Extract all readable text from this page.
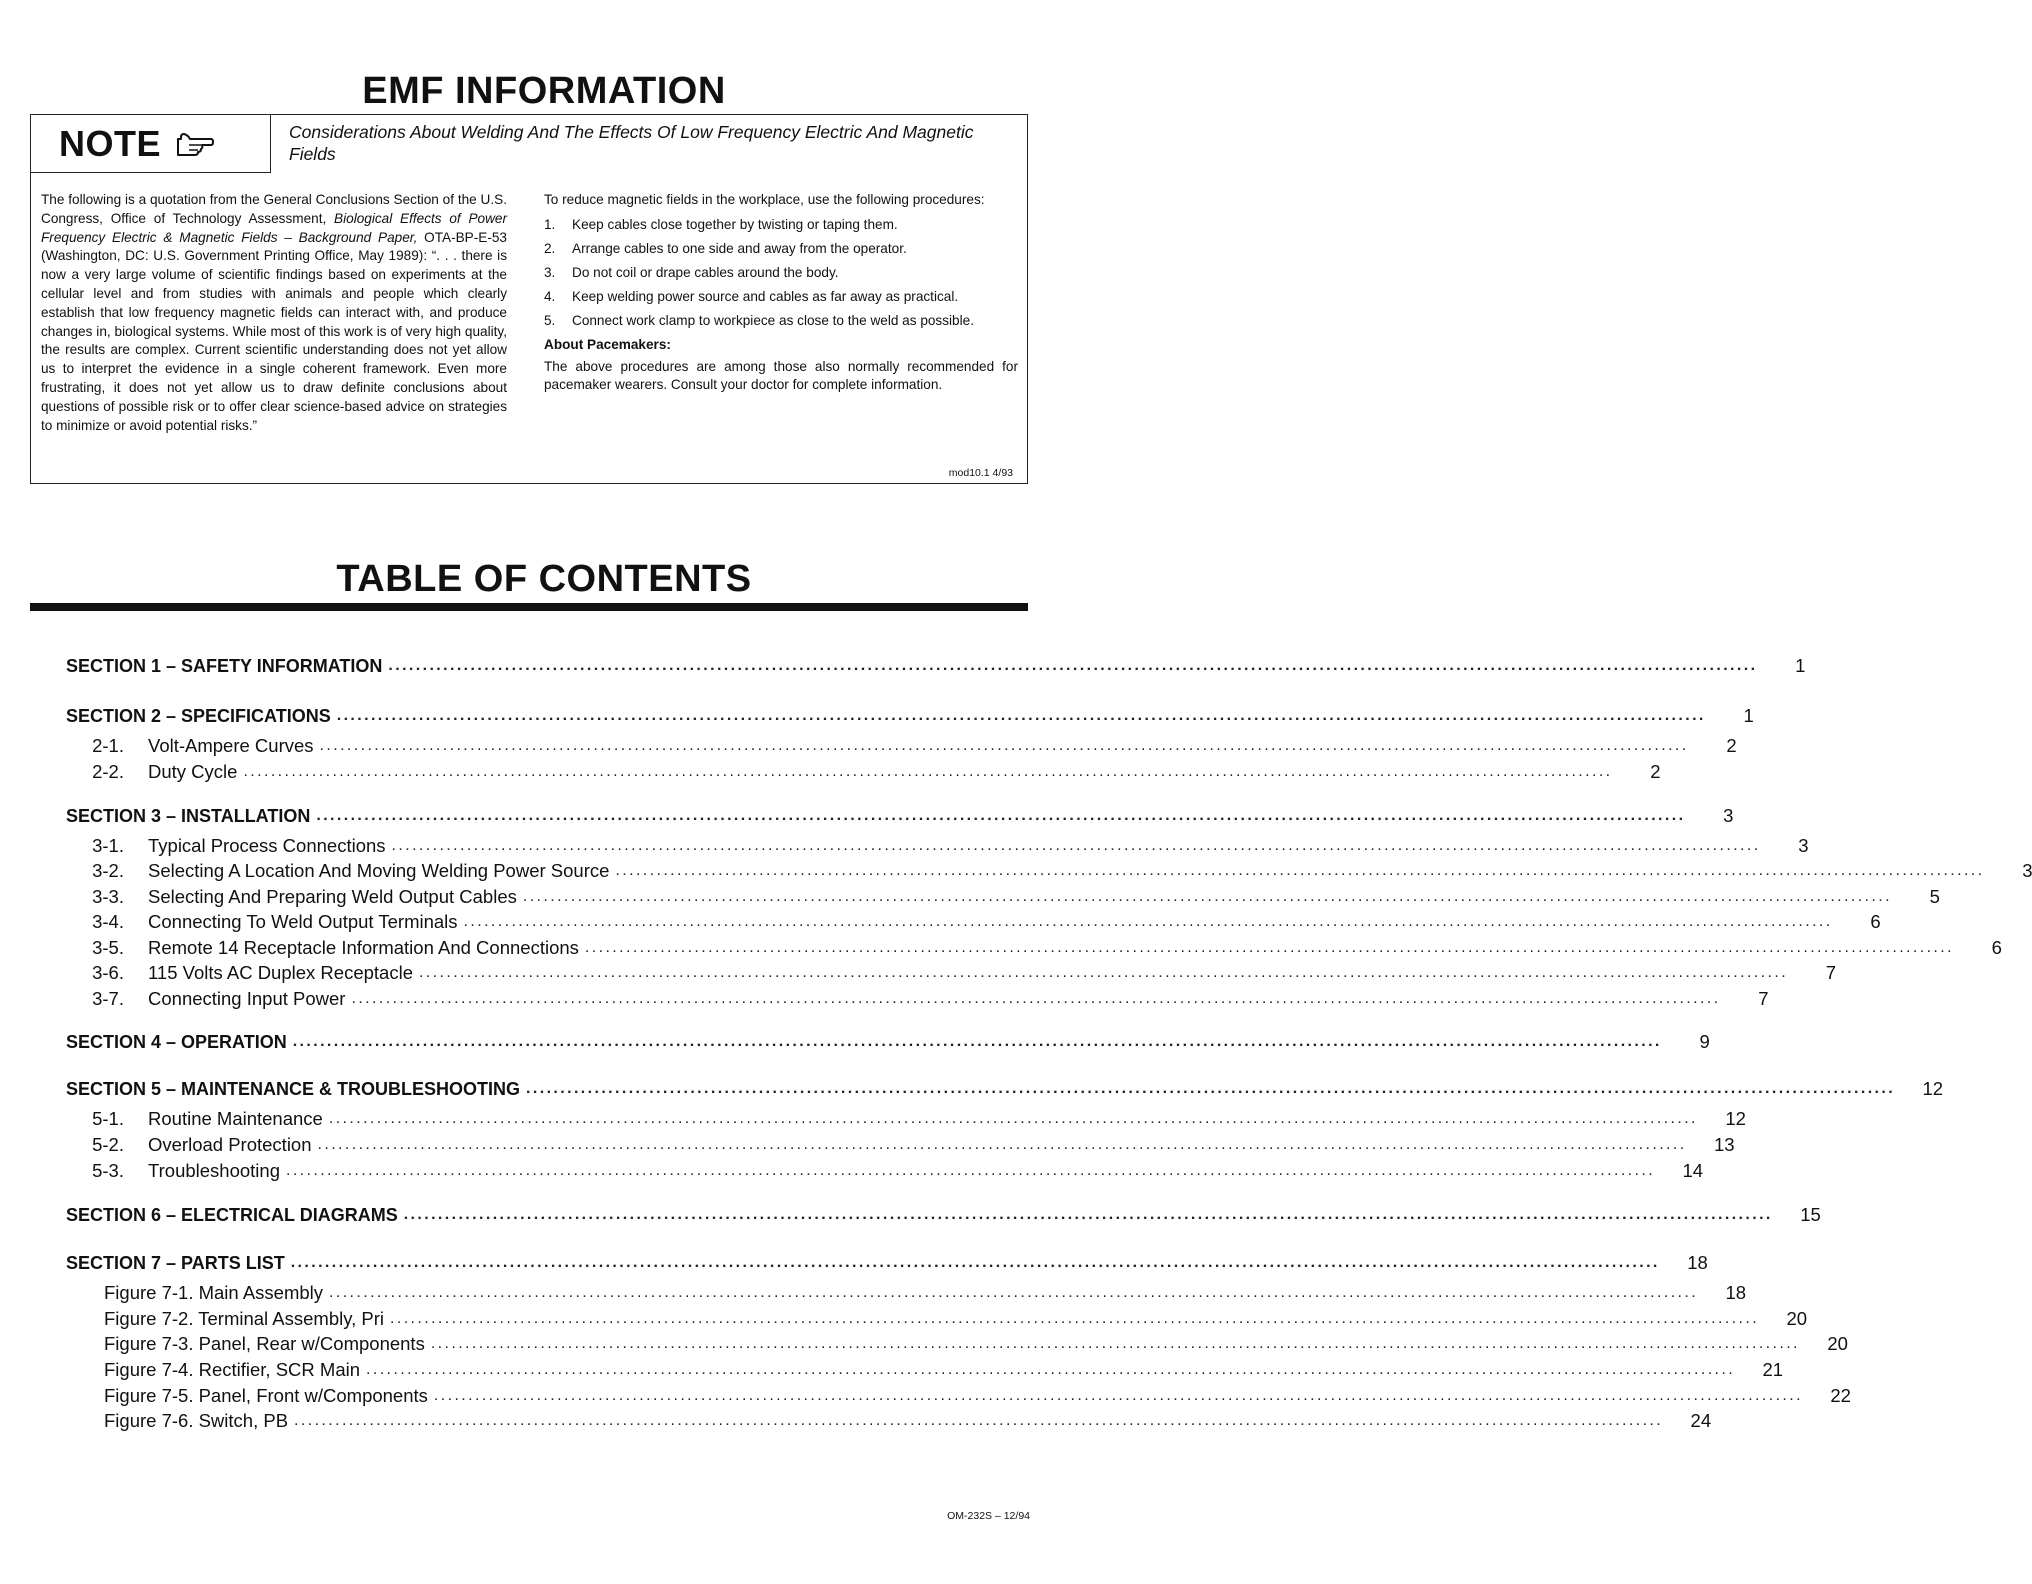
EMF INFORMATION
NOTE	Considerations About Welding And The Effects Of Low Frequency Electric And Magnetic Fields
The following is a quotation from the General Conclusions Section of the U.S. Congress, Office of Technology Assessment, Biological Effects of Power Frequency Electric & Magnetic Fields – Background Paper, OTA-BP-E-53 (Washington, DC: U.S. Government Printing Office, May 1989): “. . . there is now a very large volume of scientific findings based on experiments at the cellular level and from studies with animals and people which clearly establish that low frequency magnetic fields can interact with, and produce changes in, biological systems. While most of this work is of very high quality, the results are complex. Current scientific understanding does not yet allow us to interpret the evidence in a single coherent framework. Even more frustrating, it does not yet allow us to draw definite conclusions about questions of possible risk or to offer clear science-based advice on strategies to minimize or avoid potential risks.”
To reduce magnetic fields in the workplace, use the following procedures:
1.	Keep cables close together by twisting or taping them.
2.	Arrange cables to one side and away from the operator.
3.	Do not coil or drape cables around the body.
4.	Keep welding power source and cables as far away as practical.
5.	Connect work clamp to workpiece as close to the weld as possible.
About Pacemakers:
The above procedures are among those also normally recommended for pacemaker wearers. Consult your doctor for complete information.
mod10.1 4/93
TABLE OF CONTENTS
SECTION 1 – SAFETY INFORMATION ........................................................................................................................................................................................................	1
SECTION 2 – SPECIFICATIONS ........................................................................................................................................................................................................	1
2-1. Volt-Ampere Curves ........................................................................................................................................................................................................	2
2-2. Duty Cycle ........................................................................................................................................................................................................	2
SECTION 3 – INSTALLATION ........................................................................................................................................................................................................	3
3-1. Typical Process Connections ........................................................................................................................................................................................................	3
3-2. Selecting A Location And Moving Welding Power Source ........................................................................................................................................................................................................	3
3-3. Selecting And Preparing Weld Output Cables ........................................................................................................................................................................................................	5
3-4. Connecting To Weld Output Terminals ........................................................................................................................................................................................................	6
3-5. Remote 14 Receptacle Information And Connections ........................................................................................................................................................................................................	6
3-6. 115 Volts AC Duplex Receptacle ........................................................................................................................................................................................................	7
3-7. Connecting Input Power ........................................................................................................................................................................................................	7
SECTION 4 – OPERATION ........................................................................................................................................................................................................	9
SECTION 5 – MAINTENANCE & TROUBLESHOOTING ........................................................................................................................................................................................................	12
5-1. Routine Maintenance ........................................................................................................................................................................................................	12
5-2. Overload Protection ........................................................................................................................................................................................................	13
5-3. Troubleshooting ........................................................................................................................................................................................................	14
SECTION 6 – ELECTRICAL DIAGRAMS ........................................................................................................................................................................................................	15
SECTION 7 – PARTS LIST ........................................................................................................................................................................................................	18
Figure 7-1. Main Assembly ........................................................................................................................................................................................................	18
Figure 7-2. Terminal Assembly, Pri ........................................................................................................................................................................................................	20
Figure 7-3. Panel, Rear w/Components ........................................................................................................................................................................................................	20
Figure 7-4. Rectifier, SCR Main ........................................................................................................................................................................................................	21
Figure 7-5. Panel, Front w/Components ........................................................................................................................................................................................................	22
Figure 7-6. Switch, PB ........................................................................................................................................................................................................	24
OM-232S – 12/94
